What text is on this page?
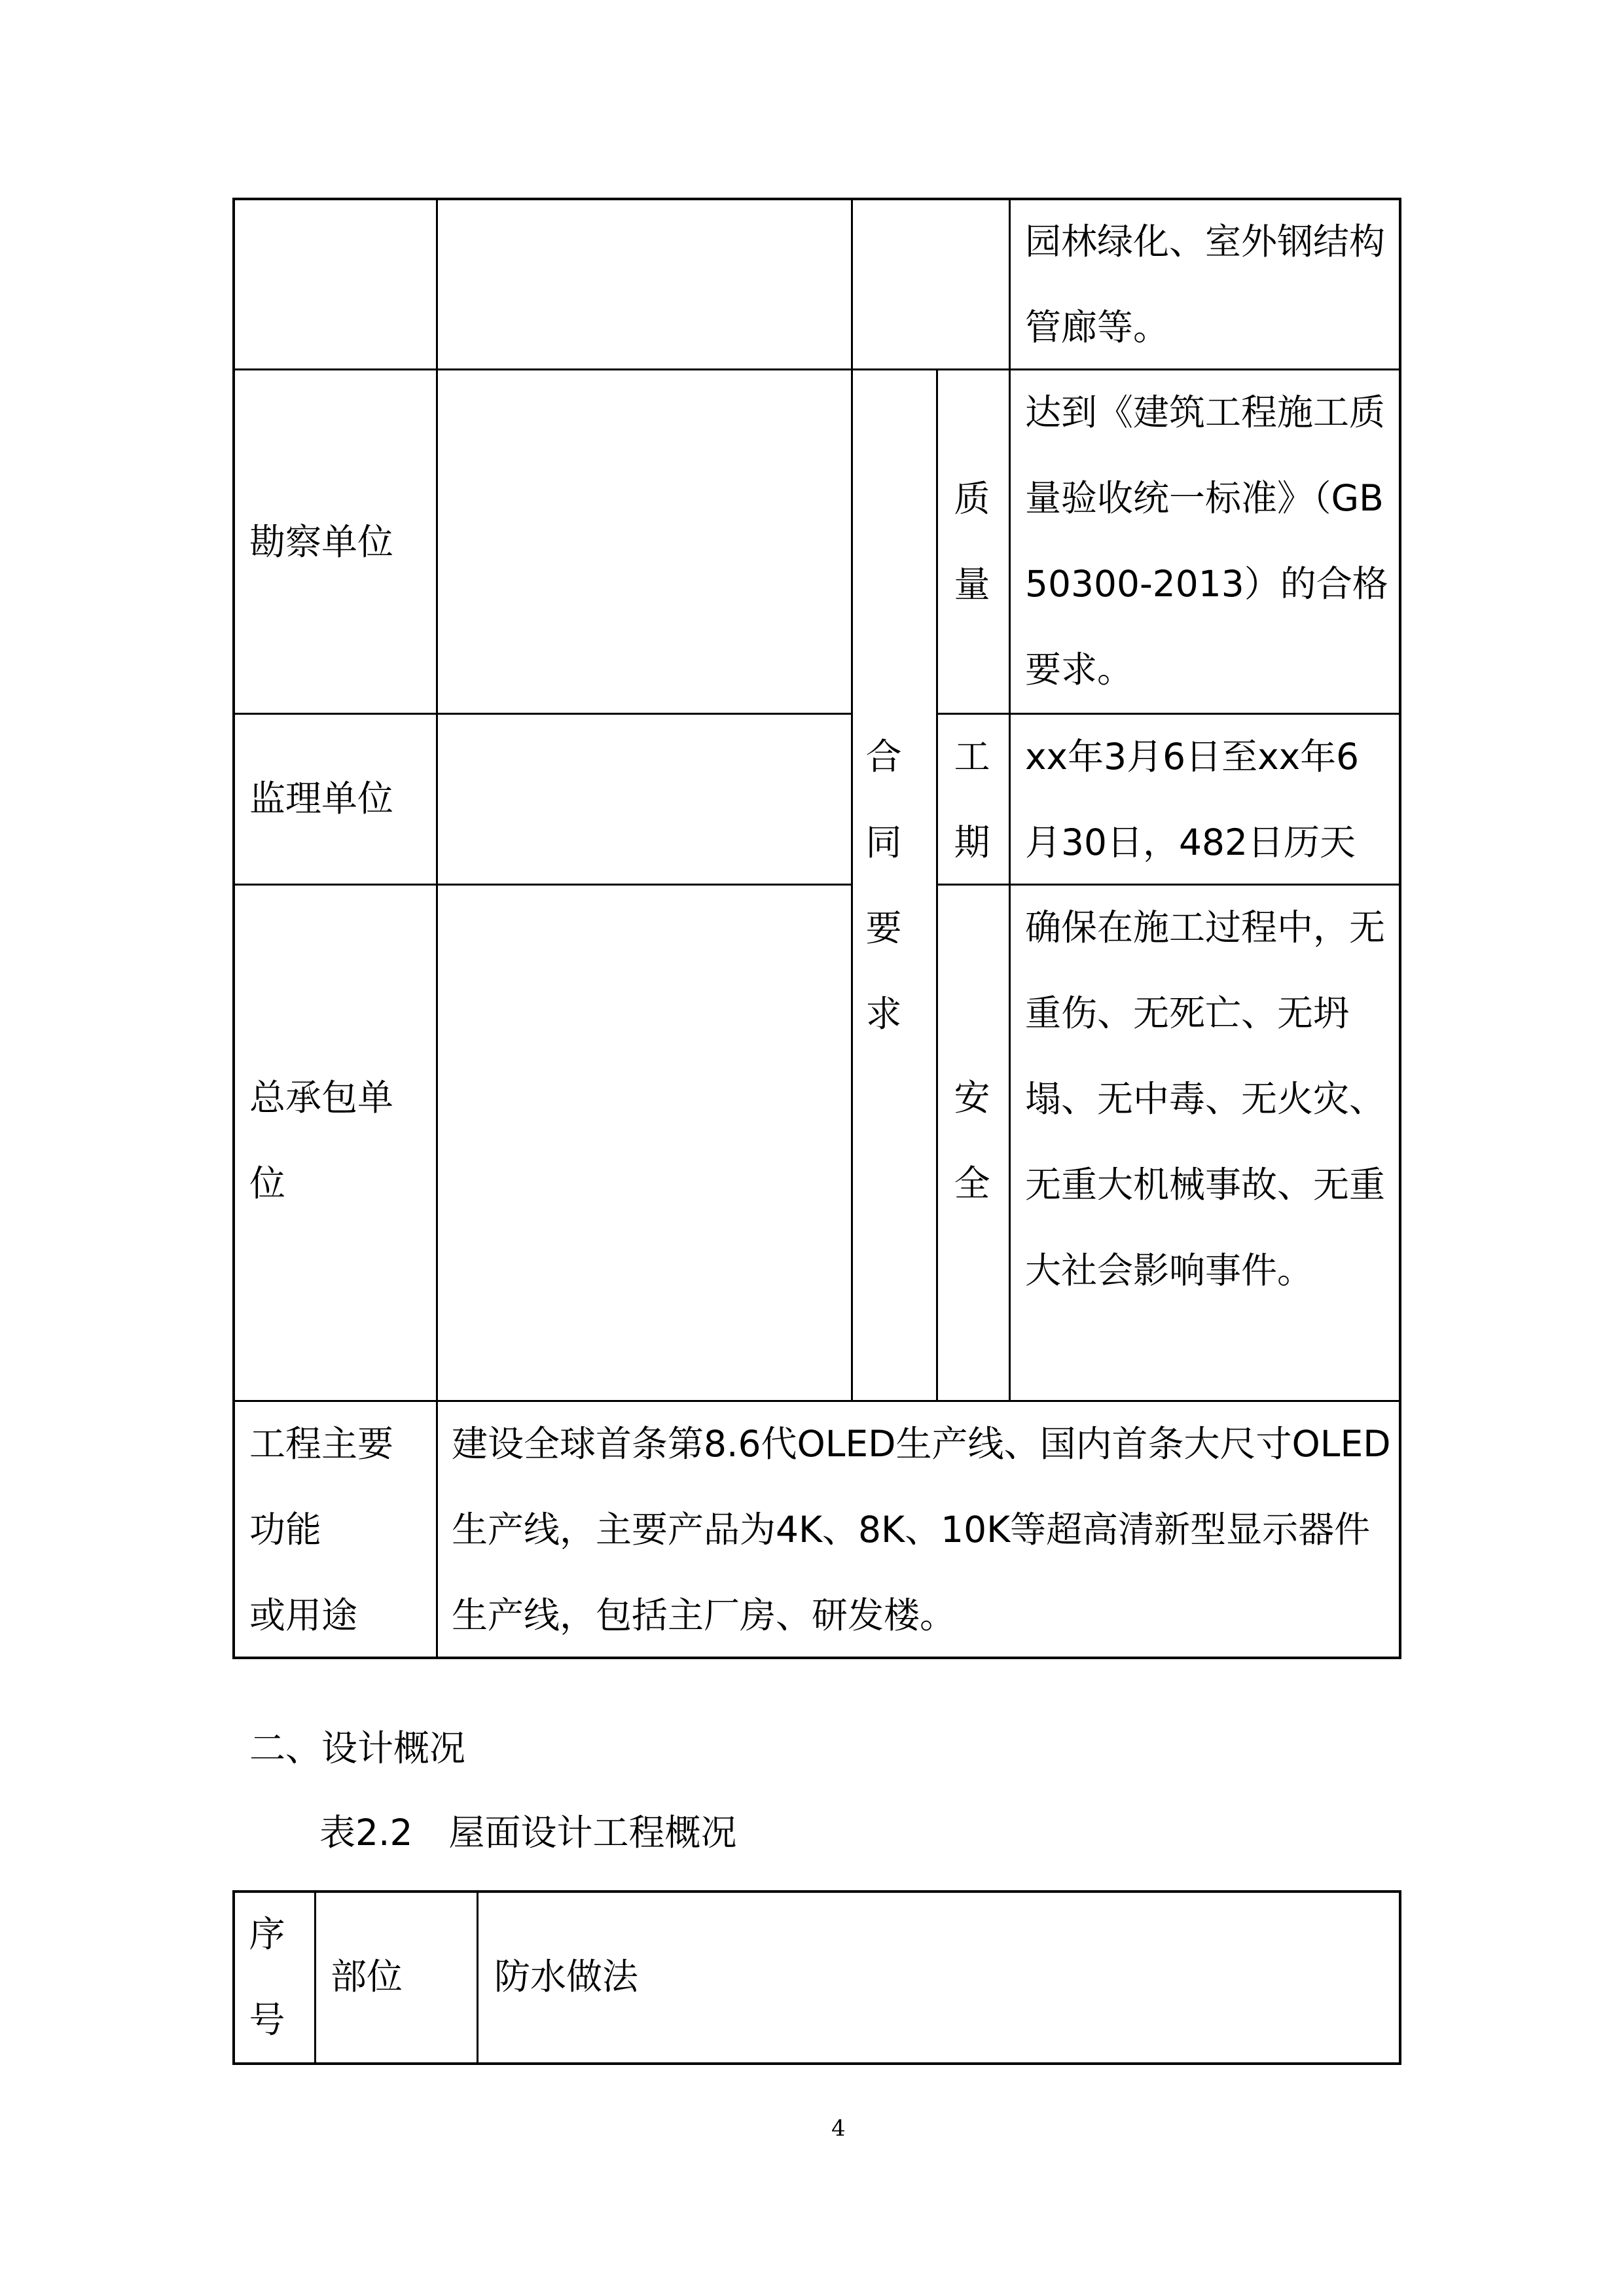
园林绿化、室外钢结构管廊等。
勘察单位
质
量
达到《建筑工程施工质量验收统一标准》（GB50300-2013）的合格要求。
监理单位
合
同
要
求
工
期
xx年3月6日至xx年6月30日，482日历天
总承包单位
安
全
确保在施工过程中，无重伤、无死亡、无坍塌、无中毒、无火灾、无重大机械事故、无重大社会影响事件。
工程主要功能
或用途
建设全球首条第8.6代OLED生产线、国内首条大尺寸OLED生产线，主要产品为4K、8K、10K等超高清新型显示器件生产线，包括主厂房、研发楼。
二、设计概况
表2.2　屋面设计工程概况
序
号
部位	防水做法
4
